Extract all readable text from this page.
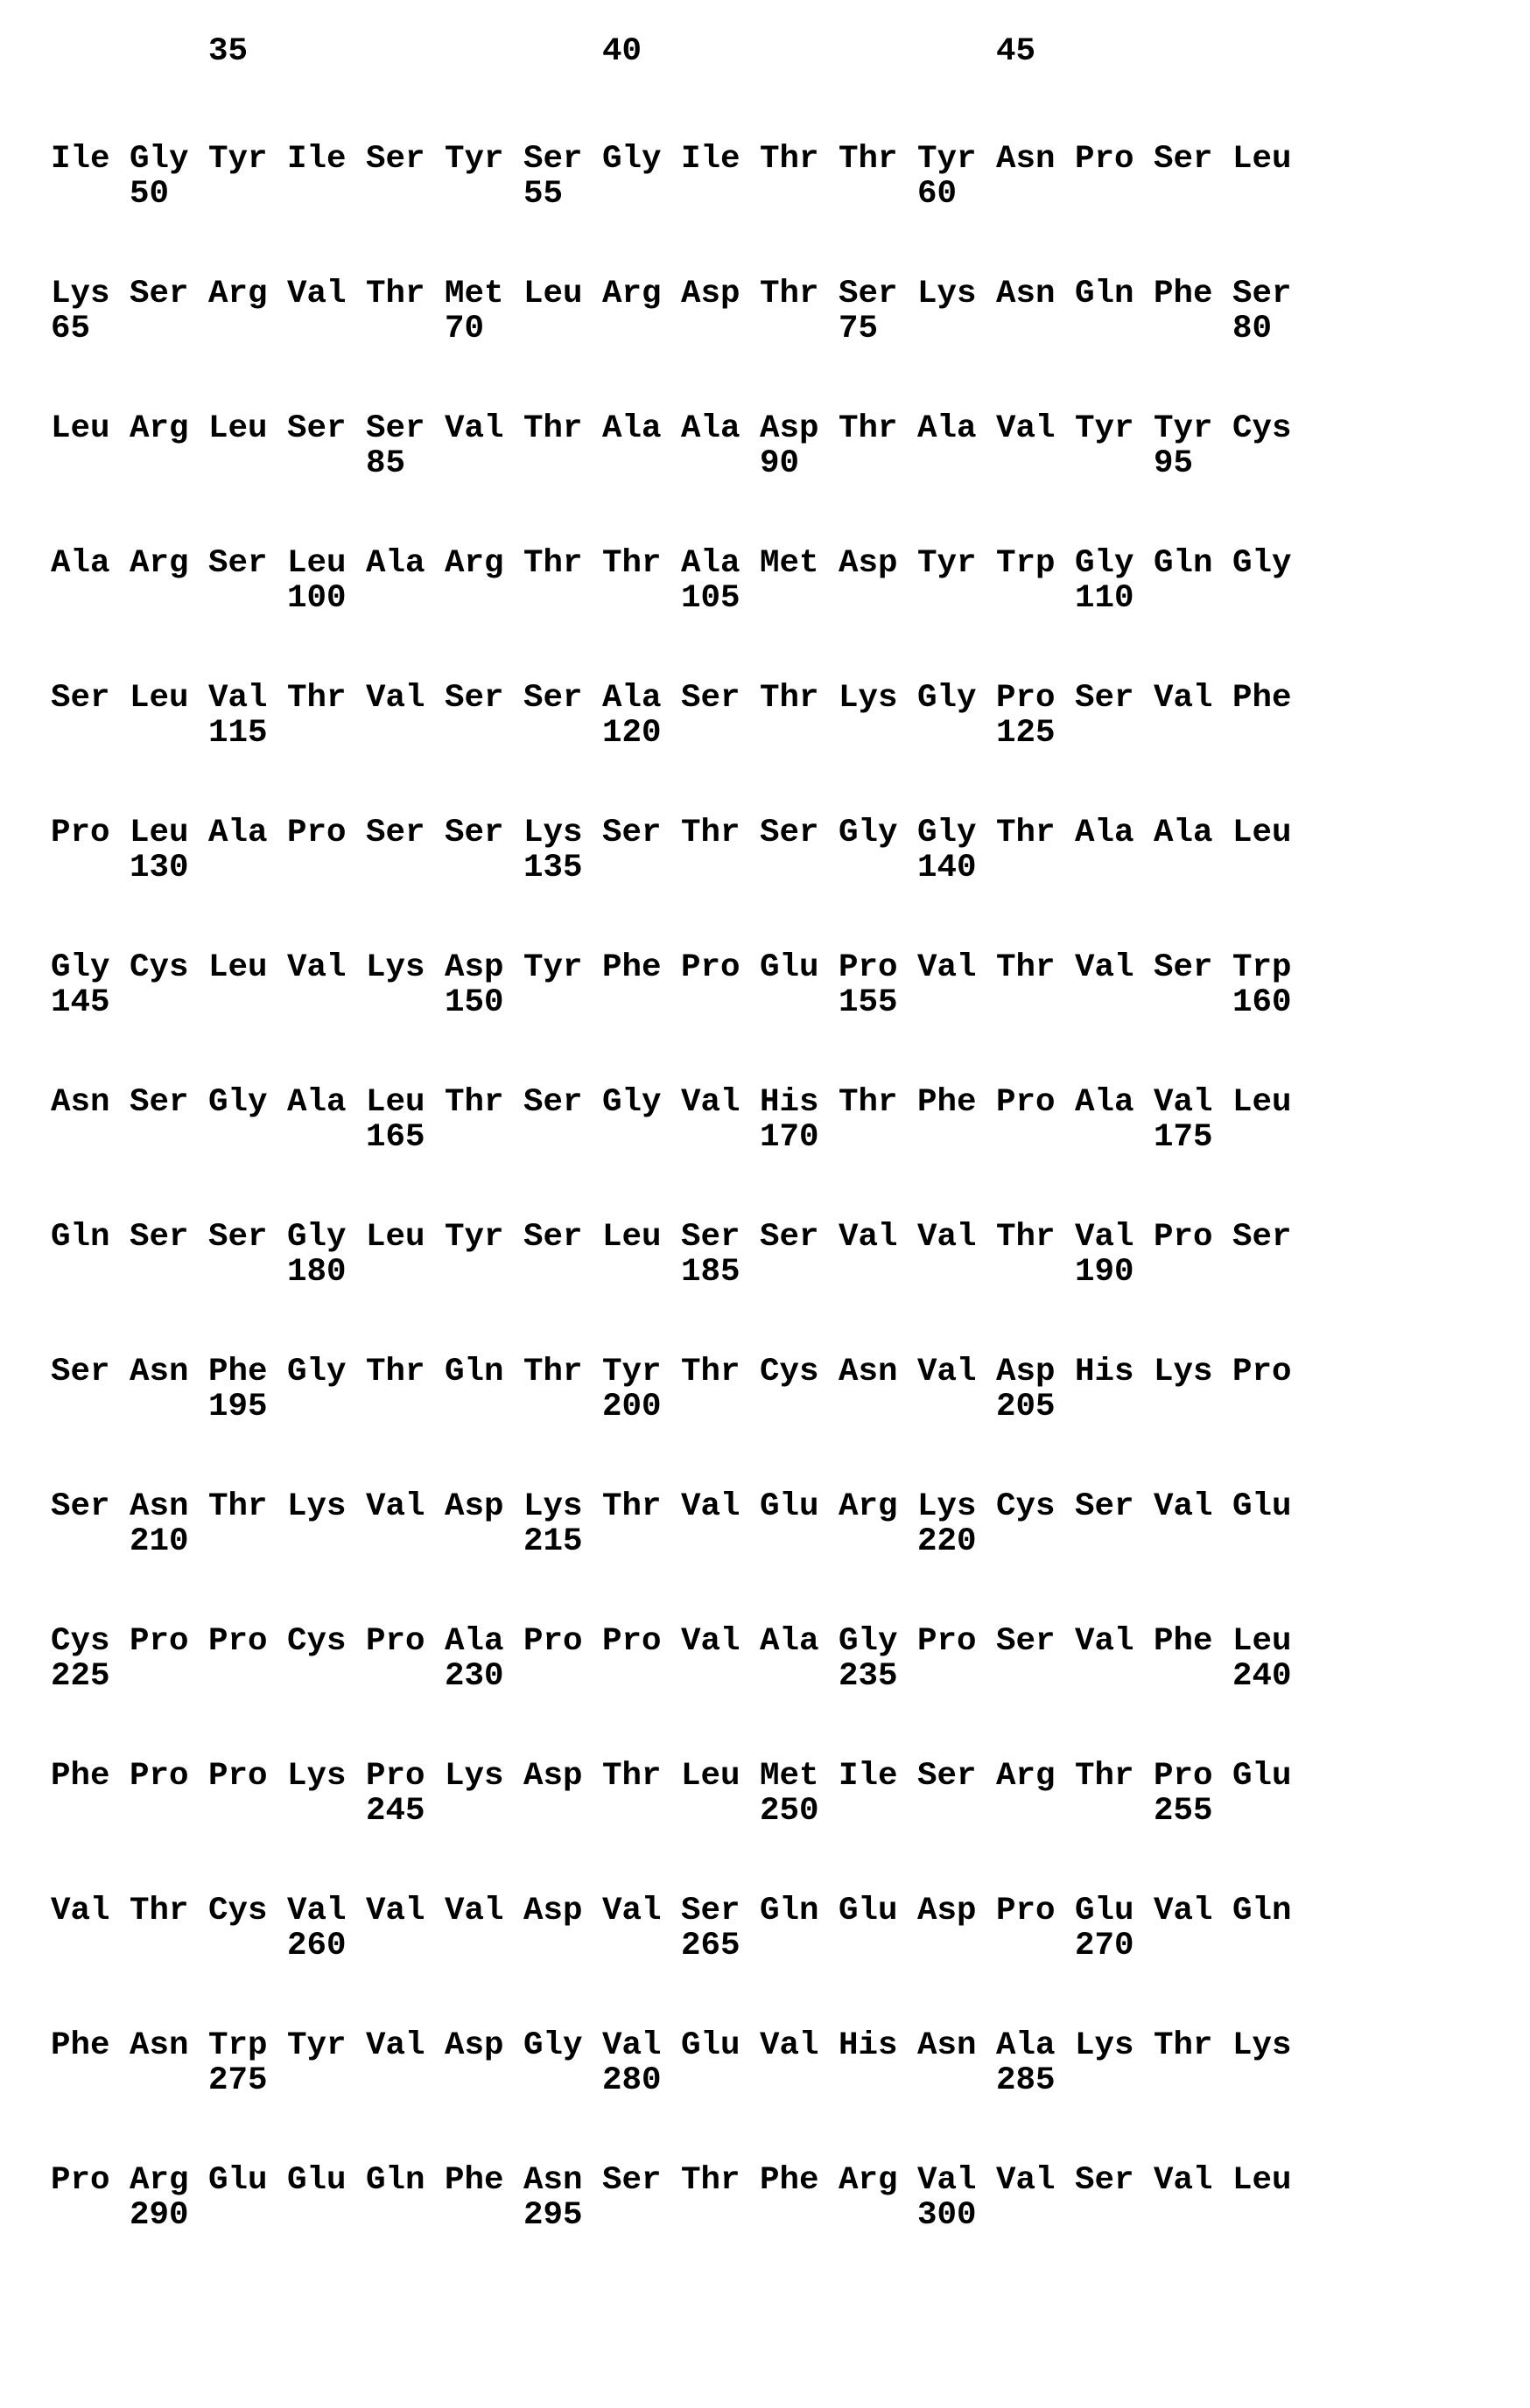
35	40	45
Ile Gly Tyr Ile Ser Tyr Ser Gly Ile Thr Thr Tyr Asn Pro Ser Leu
50	55	60
Lys Ser Arg Val Thr Met Leu Arg Asp Thr Ser Lys Asn Gln Phe Ser
65	70	75	80
Leu Arg Leu Ser Ser Val Thr Ala Ala Asp Thr Ala Val Tyr Tyr Cys
85	90	95
Ala Arg Ser Leu Ala Arg Thr Thr Ala Met Asp Tyr Trp Gly Gln Gly
100	105	110
Ser Leu Val Thr Val Ser Ser Ala Ser Thr Lys Gly Pro Ser Val Phe
115	120	125
Pro Leu Ala Pro Ser Ser Lys Ser Thr Ser Gly Gly Thr Ala Ala Leu
130	135	140
Gly Cys Leu Val Lys Asp Tyr Phe Pro Glu Pro Val Thr Val Ser Trp
145	150	155	160
Asn Ser Gly Ala Leu Thr Ser Gly Val His Thr Phe Pro Ala Val Leu
165	170	175
Gln Ser Ser Gly Leu Tyr Ser Leu Ser Ser Val Val Thr Val Pro Ser
180	185	190
Ser Asn Phe Gly Thr Gln Thr Tyr Thr Cys Asn Val Asp His Lys Pro
195	200	205
Ser Asn Thr Lys Val Asp Lys Thr Val Glu Arg Lys Cys Ser Val Glu
210	215	220
Cys Pro Pro Cys Pro Ala Pro Pro Val Ala Gly Pro Ser Val Phe Leu
225	230	235	240
Phe Pro Pro Lys Pro Lys Asp Thr Leu Met Ile Ser Arg Thr Pro Glu
245	250	255
Val Thr Cys Val Val Val Asp Val Ser Gln Glu Asp Pro Glu Val Gln
260	265	270
Phe Asn Trp Tyr Val Asp Gly Val Glu Val His Asn Ala Lys Thr Lys
275	280	285
Pro Arg Glu Glu Gln Phe Asn Ser Thr Phe Arg Val Val Ser Val Leu
290	295	300
